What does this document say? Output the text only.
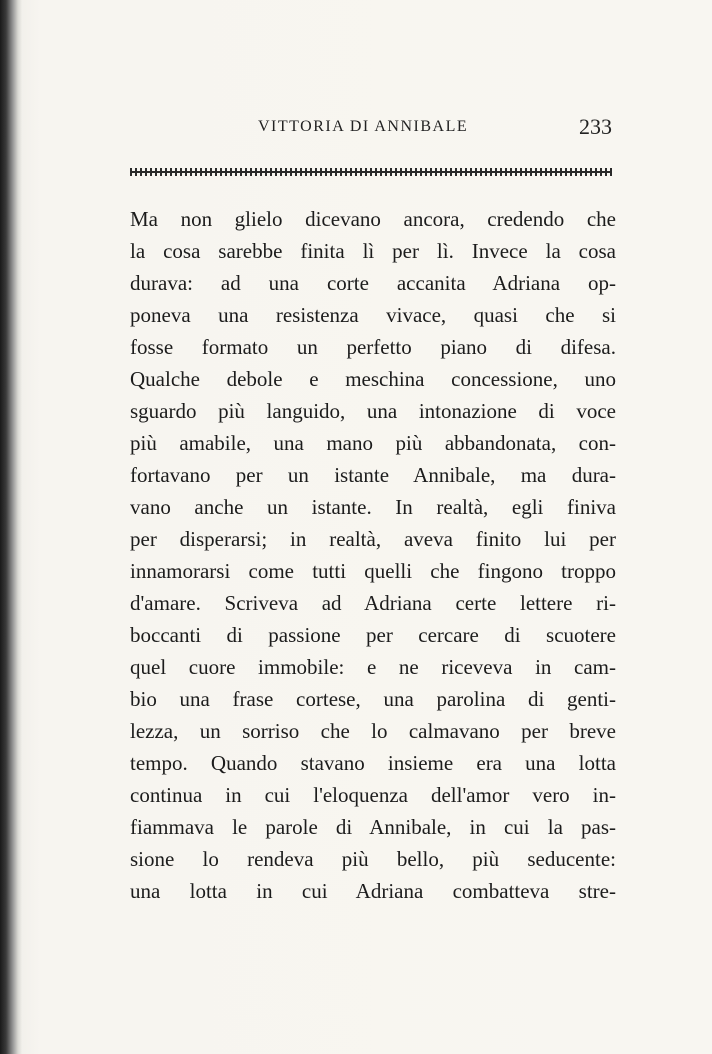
VITTORIA DI ANNIBALE	233
Ma non glielo dicevano ancora, credendo che
la cosa sarebbe finita lì per lì. Invece la cosa
durava: ad una corte accanita Adriana op-
poneva una resistenza vivace, quasi che si
fosse formato un perfetto piano di difesa.
Qualche debole e meschina concessione, uno
sguardo più languido, una intonazione di voce
più amabile, una mano più abbandonata, con-
fortavano per un istante Annibale, ma dura-
vano anche un istante. In realtà, egli finiva
per disperarsi; in realtà, aveva finito lui per
innamorarsi come tutti quelli che fingono troppo
d'amare. Scriveva ad Adriana certe lettere ri-
boccanti di passione per cercare di scuotere
quel cuore immobile: e ne riceveva in cam-
bio una frase cortese, una parolina di genti-
lezza, un sorriso che lo calmavano per breve
tempo. Quando stavano insieme era una lotta
continua in cui l'eloquenza dell'amor vero in-
fiammava le parole di Annibale, in cui la pas-
sione lo rendeva più bello, più seducente:
una lotta in cui Adriana combatteva stre-
